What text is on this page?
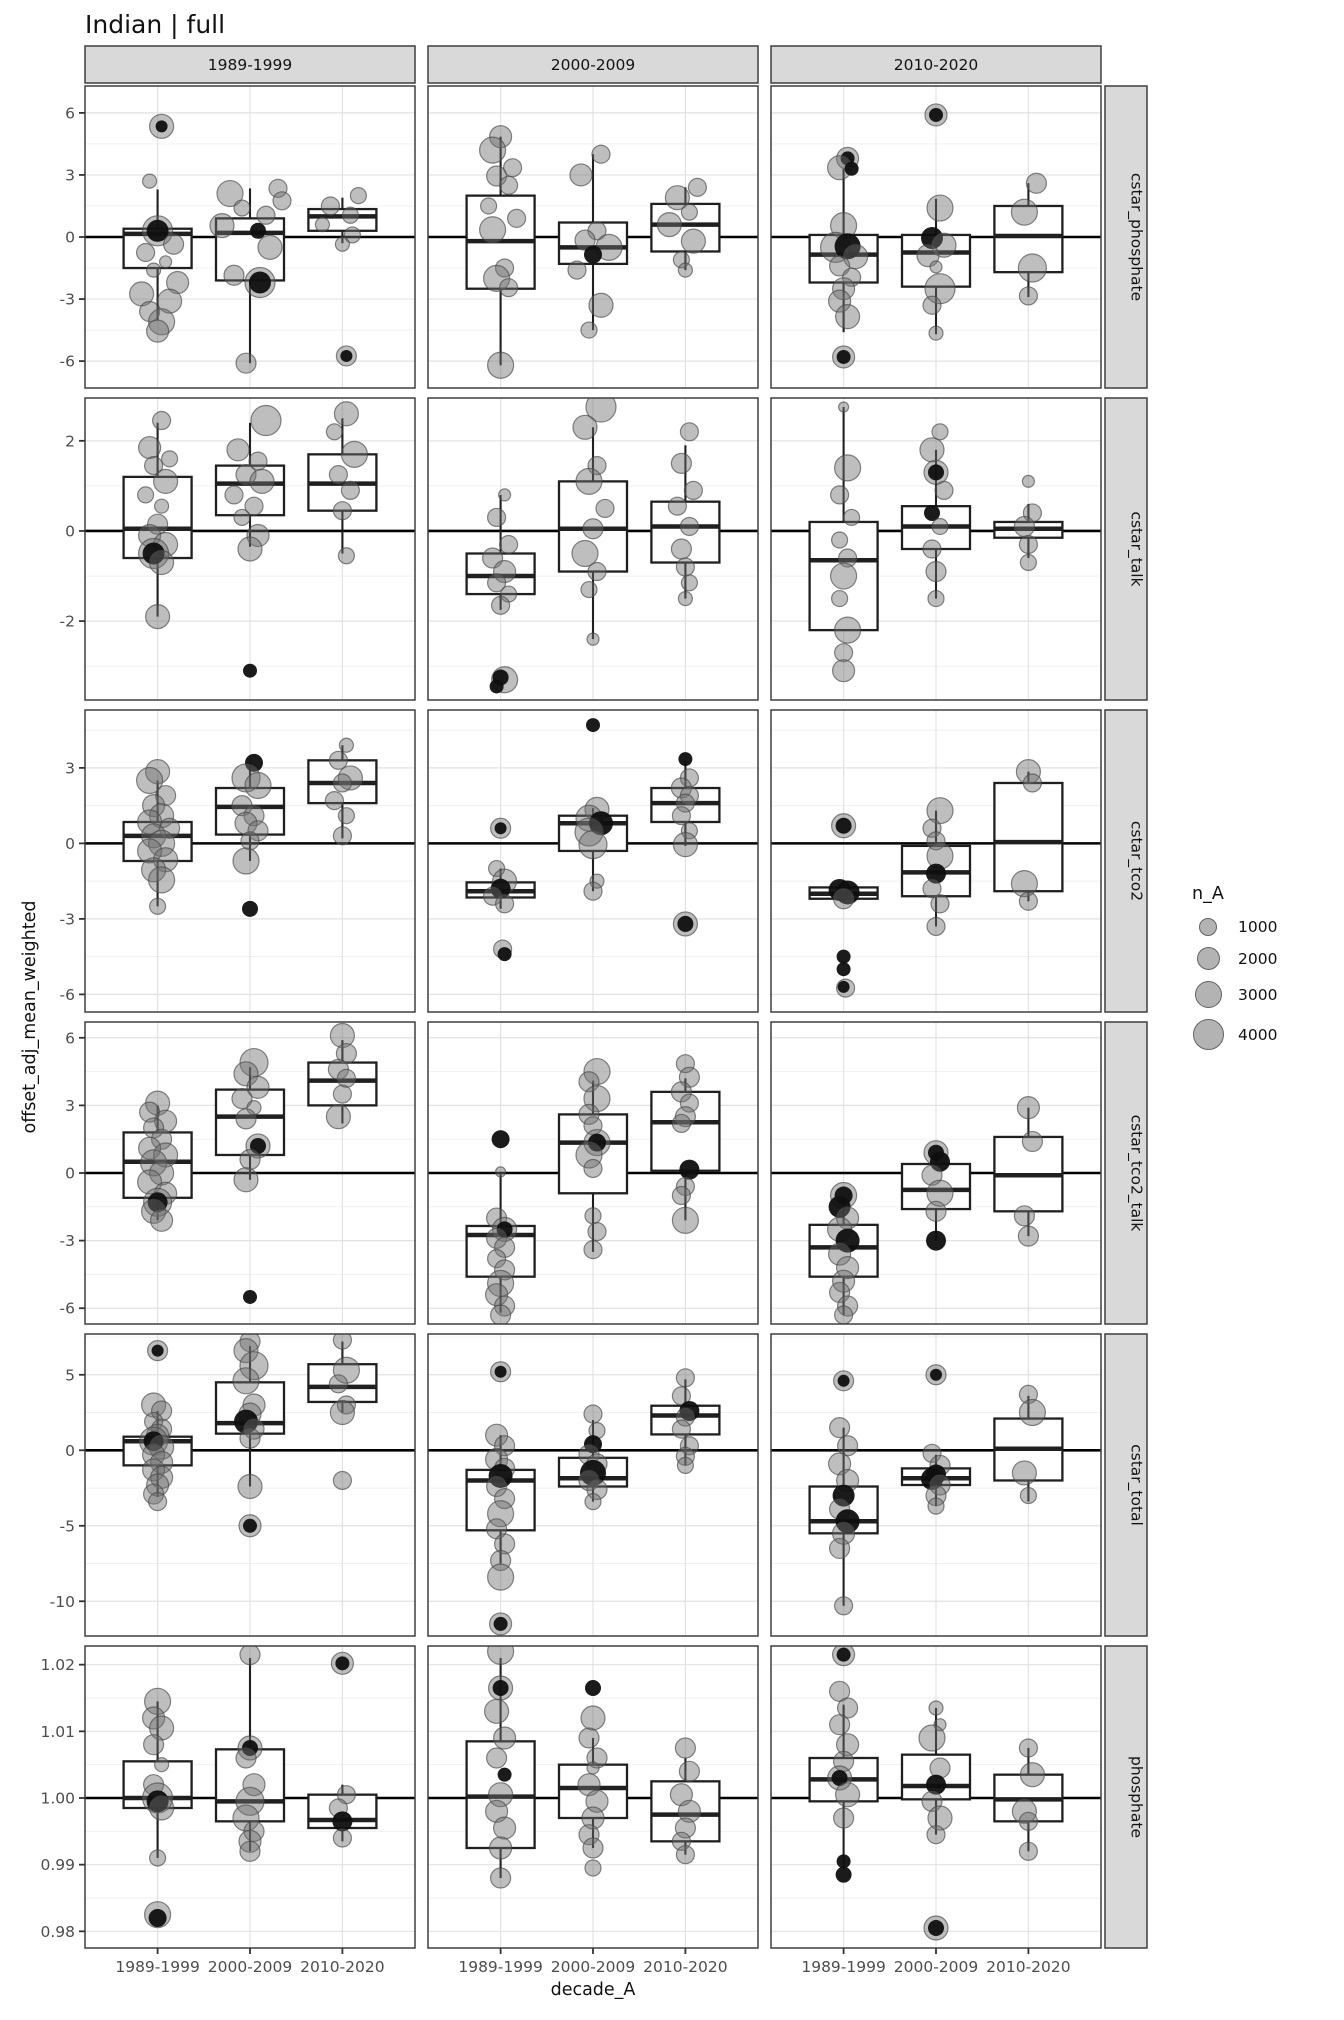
Indian | full
offset_adj_mean_weighted
decade_A
n_A
1000
2000
3000
4000
1989-1999	2000-2009	2010-2020
cstar_phosphate
cstar_talk
cstar_tco2
cstar_tco2_talk
cstar_total
phosphate
6
3
0
-3
-6
2
0
-2
3
0
-3
-6
6
3
0
-3
-6
5
0
-5
-10
1.02
1.01
1.00
0.99
0.98
1989-1999 2000-2009 2010-2020	1989-1999 2000-2009 2010-2020	1989-1999 2000-2009 2010-2020
